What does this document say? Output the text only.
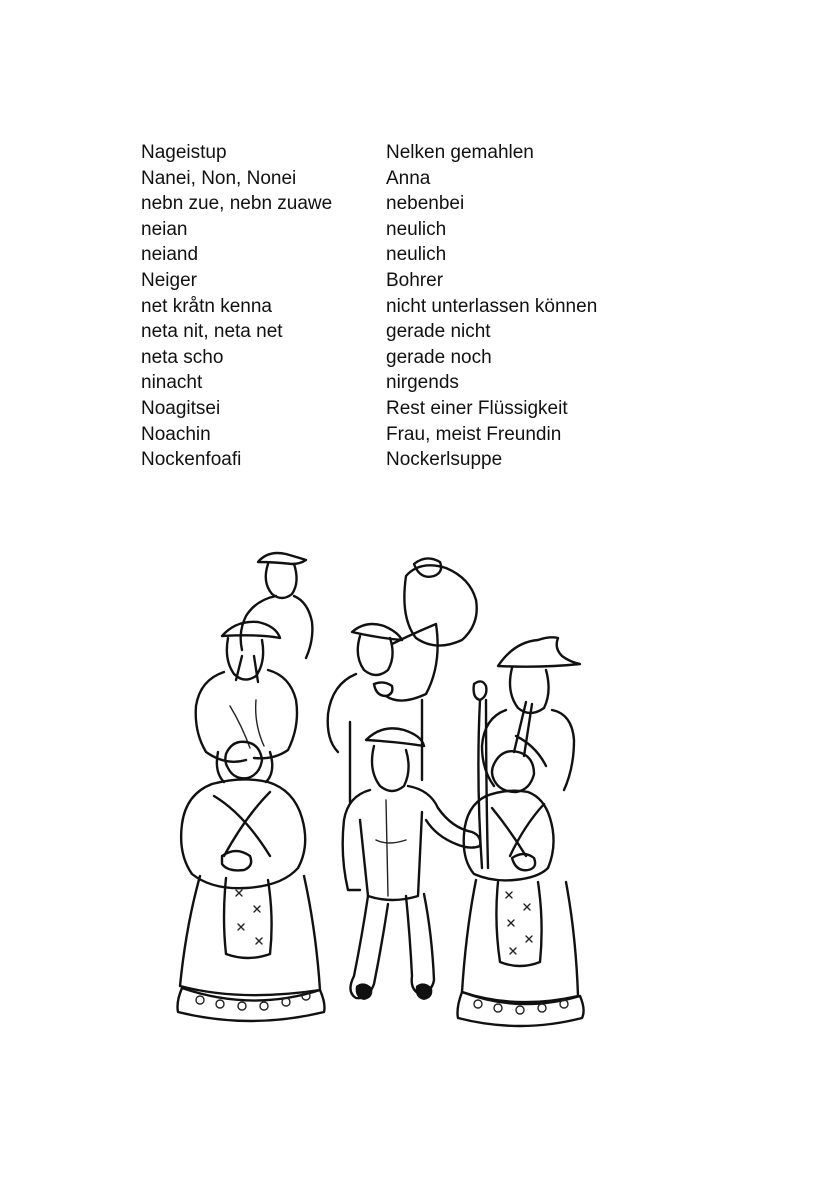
Nageistup	Nelken gemahlen
Nanei, Non, Nonei	Anna
nebn zue, nebn zuawe	nebenbei
neian	neulich
neiand	neulich
Neiger	Bohrer
net kråtn kenna	nicht unterlassen können
neta nit, neta net	gerade nicht
neta scho	gerade noch
ninacht	nirgends
Noagitsei	Rest einer Flüssigkeit
Noachin	Frau, meist Freundin
Nockenfoafi	Nockerlsuppe
